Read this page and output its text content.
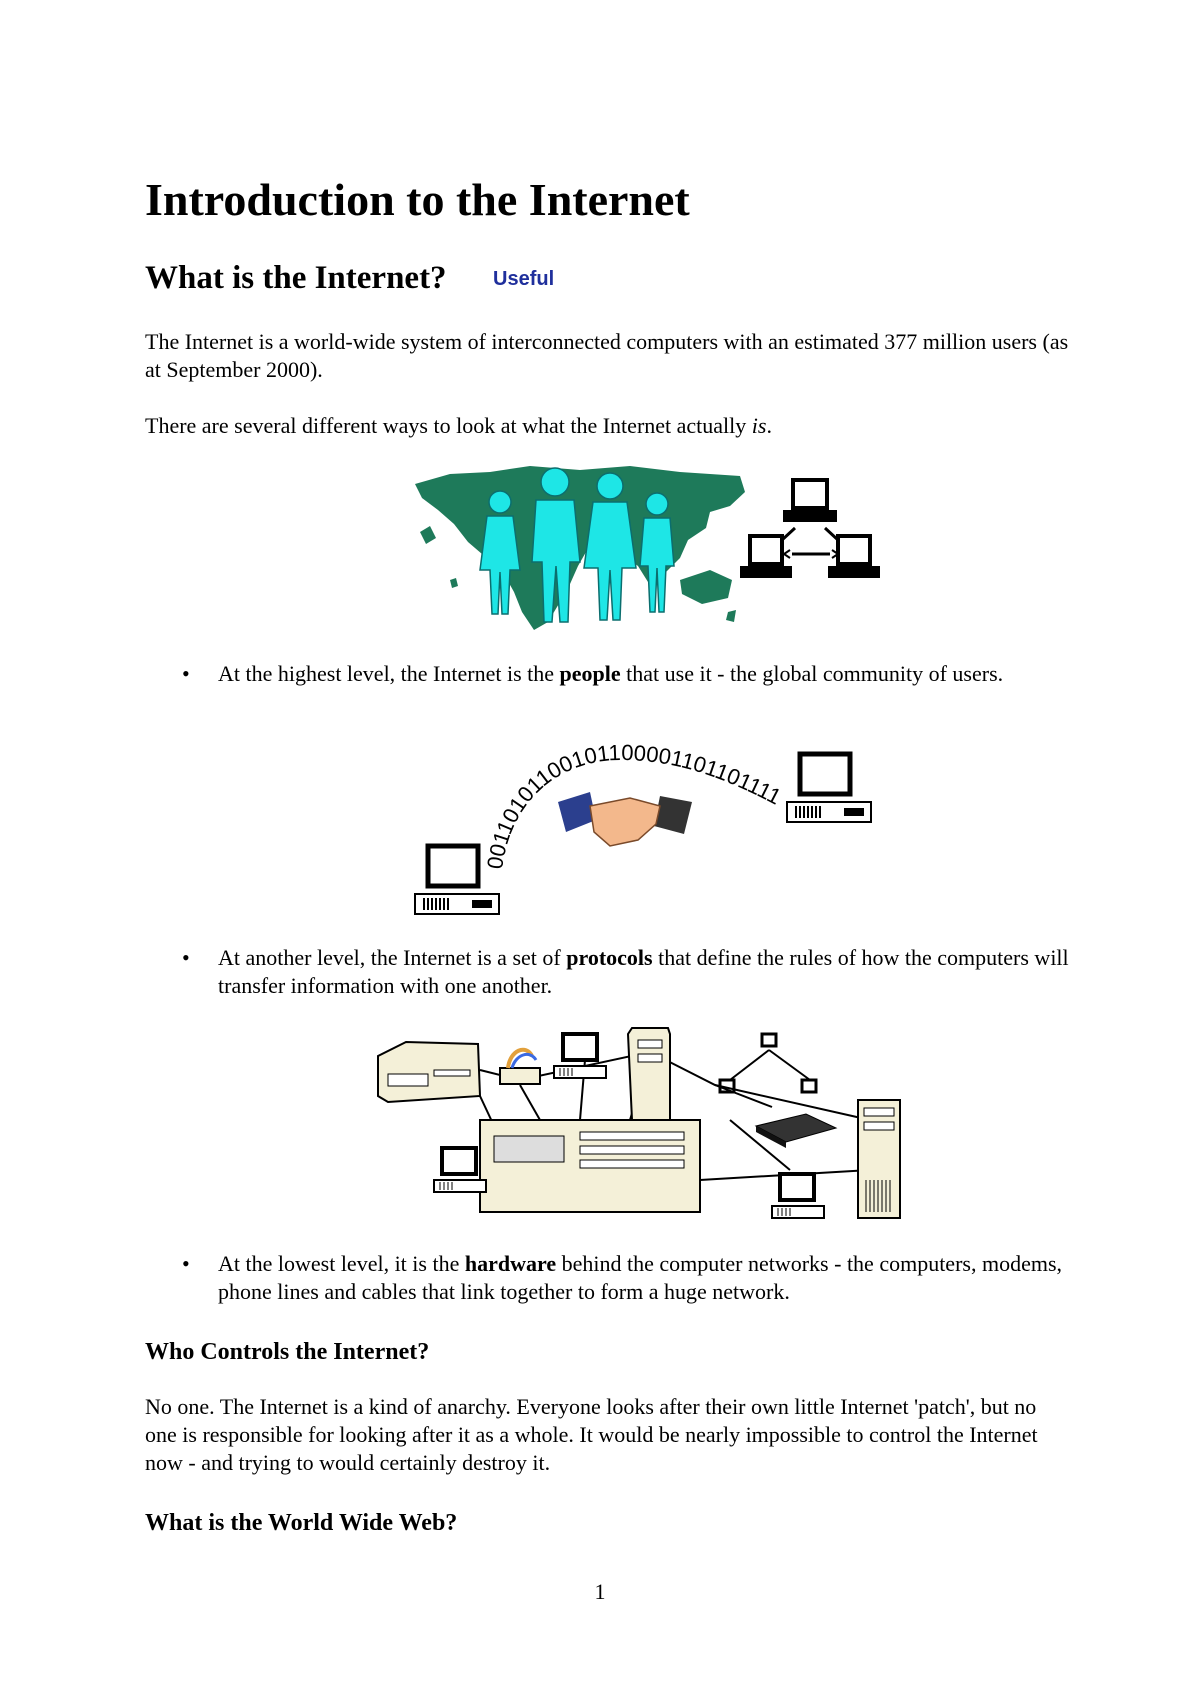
Introduction to the Internet
What is the Internet? Useful
The Internet is a world-wide system of interconnected computers with an estimated 377 million users (as at September 2000).
There are several different ways to look at what the Internet actually is.
• At the highest level, the Internet is the people that use it - the global community of users.
00110101100101100001101101111
• At another level, the Internet is a set of protocols that define the rules of how the computers will transfer information with one another.
• At the lowest level, it is the hardware behind the computer networks - the computers, modems, phone lines and cables that link together to form a huge network.
Who Controls the Internet?
No one. The Internet is a kind of anarchy. Everyone looks after their own little Internet 'patch', but no one is responsible for looking after it as a whole. It would be nearly impossible to control the Internet now - and trying to would certainly destroy it.
What is the World Wide Web?
1
